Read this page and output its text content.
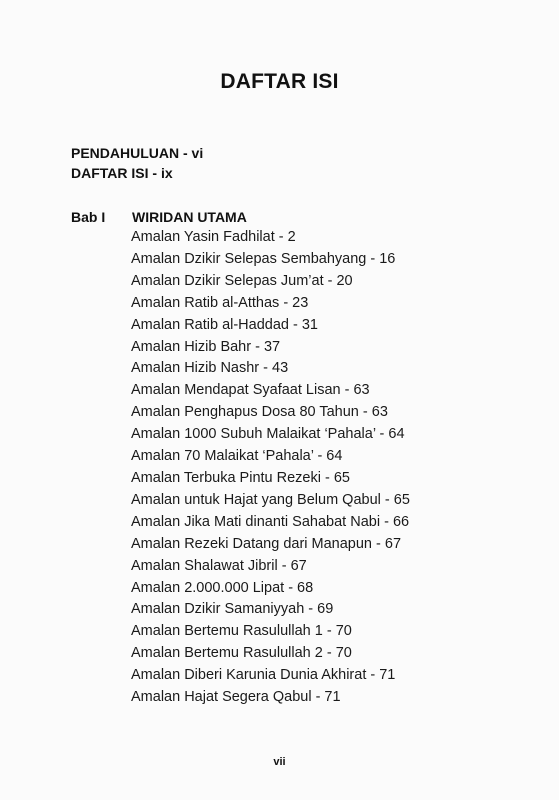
DAFTAR ISI
PENDAHULUAN - vi
DAFTAR ISI - ix
Bab I	WIRIDAN UTAMA
Amalan Yasin Fadhilat - 2
Amalan Dzikir Selepas Sembahyang - 16
Amalan Dzikir Selepas Jum’at - 20
Amalan Ratib al-Atthas - 23
Amalan Ratib al-Haddad - 31
Amalan Hizib Bahr - 37
Amalan Hizib Nashr - 43
Amalan Mendapat Syafaat Lisan - 63
Amalan Penghapus Dosa 80 Tahun - 63
Amalan 1000 Subuh Malaikat ‘Pahala’ - 64
Amalan 70 Malaikat ‘Pahala’ - 64
Amalan Terbuka Pintu Rezeki - 65
Amalan untuk Hajat yang Belum Qabul - 65
Amalan Jika Mati dinanti Sahabat Nabi - 66
Amalan Rezeki Datang dari Manapun - 67
Amalan Shalawat Jibril - 67
Amalan 2.000.000 Lipat - 68
Amalan Dzikir Samaniyyah - 69
Amalan Bertemu Rasulullah 1 - 70
Amalan Bertemu Rasulullah 2 - 70
Amalan Diberi Karunia Dunia Akhirat - 71
Amalan Hajat Segera Qabul - 71
vii
